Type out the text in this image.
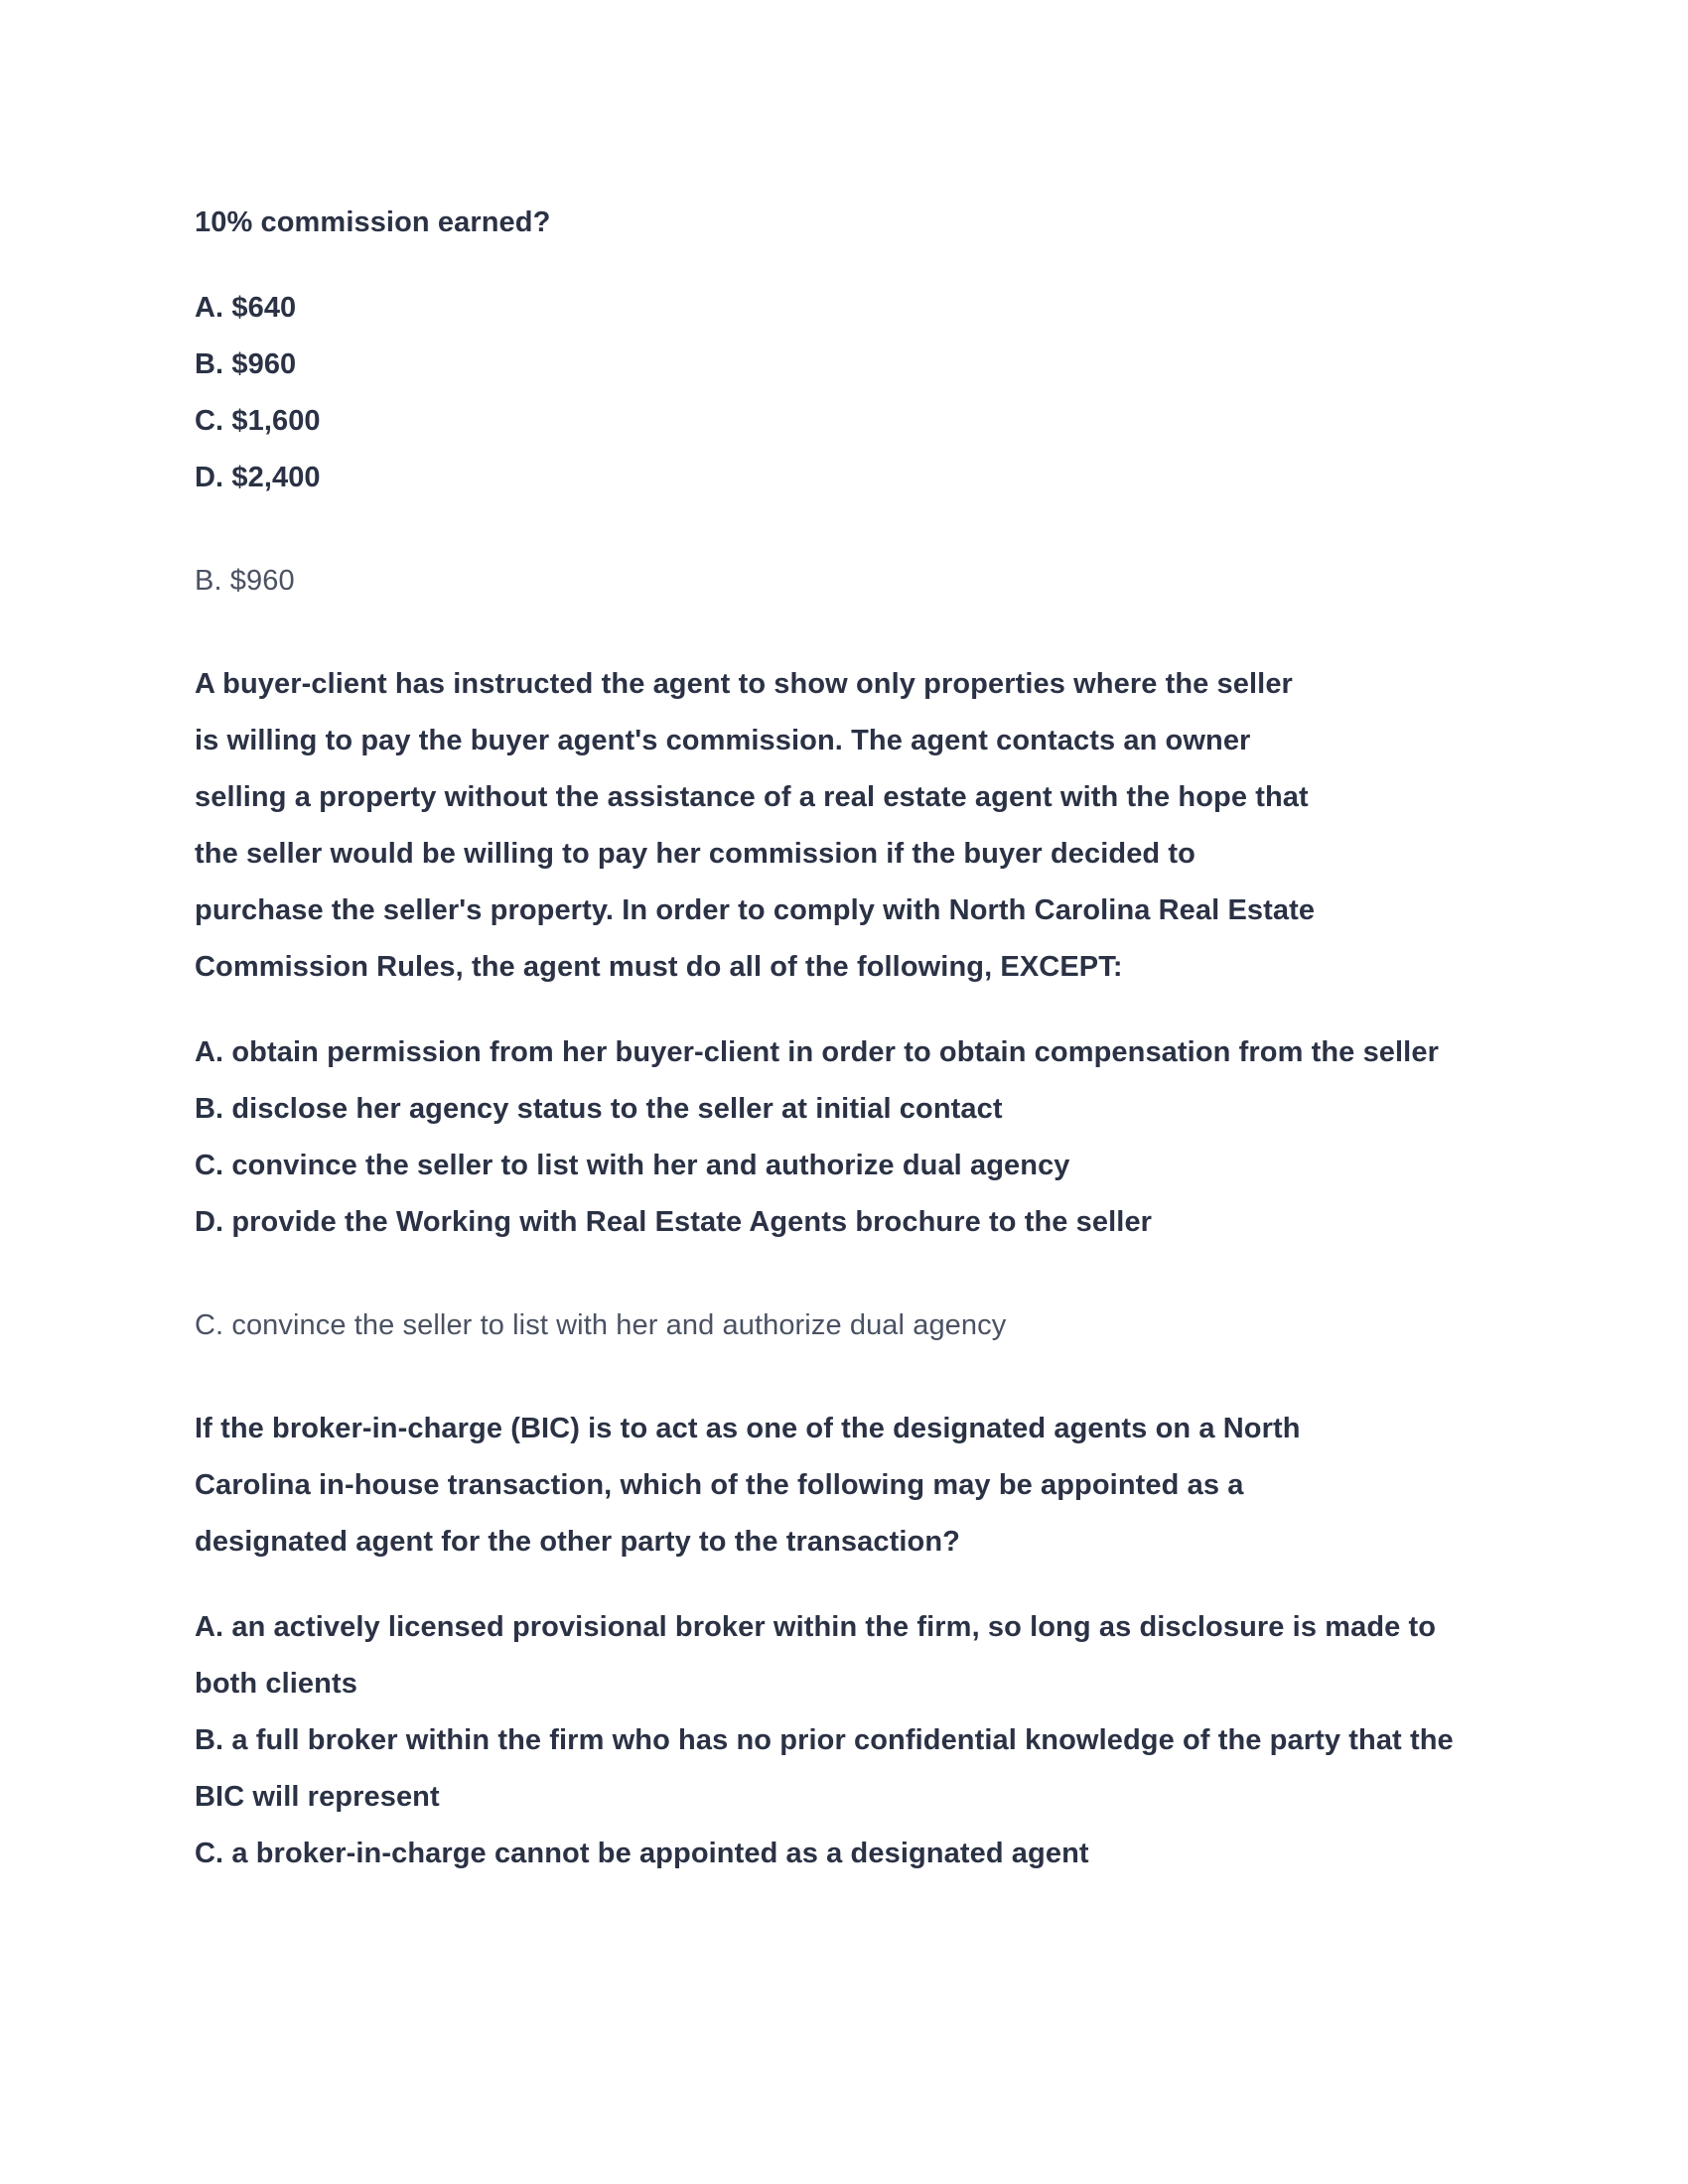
10% commission earned?
A. $640
B. $960
C. $1,600
D. $2,400

B. $960

A buyer-client has instructed the agent to show only properties where the seller
is willing to pay the buyer agent's commission. The agent contacts an owner
selling a property without the assistance of a real estate agent with the hope that
the seller would be willing to pay her commission if the buyer decided to
purchase the seller's property. In order to comply with North Carolina Real Estate
Commission Rules, the agent must do all of the following, EXCEPT:
A. obtain permission from her buyer-client in order to obtain compensation from the seller
B. disclose her agency status to the seller at initial contact
C. convince the seller to list with her and authorize dual agency
D. provide the Working with Real Estate Agents brochure to the seller

C. convince the seller to list with her and authorize dual agency

If the broker-in-charge (BIC) is to act as one of the designated agents on a North
Carolina in-house transaction, which of the following may be appointed as a
designated agent for the other party to the transaction?
A. an actively licensed provisional broker within the firm, so long as disclosure is made to both clients
B. a full broker within the firm who has no prior confidential knowledge of the party that the BIC will represent
C. a broker-in-charge cannot be appointed as a designated agent
